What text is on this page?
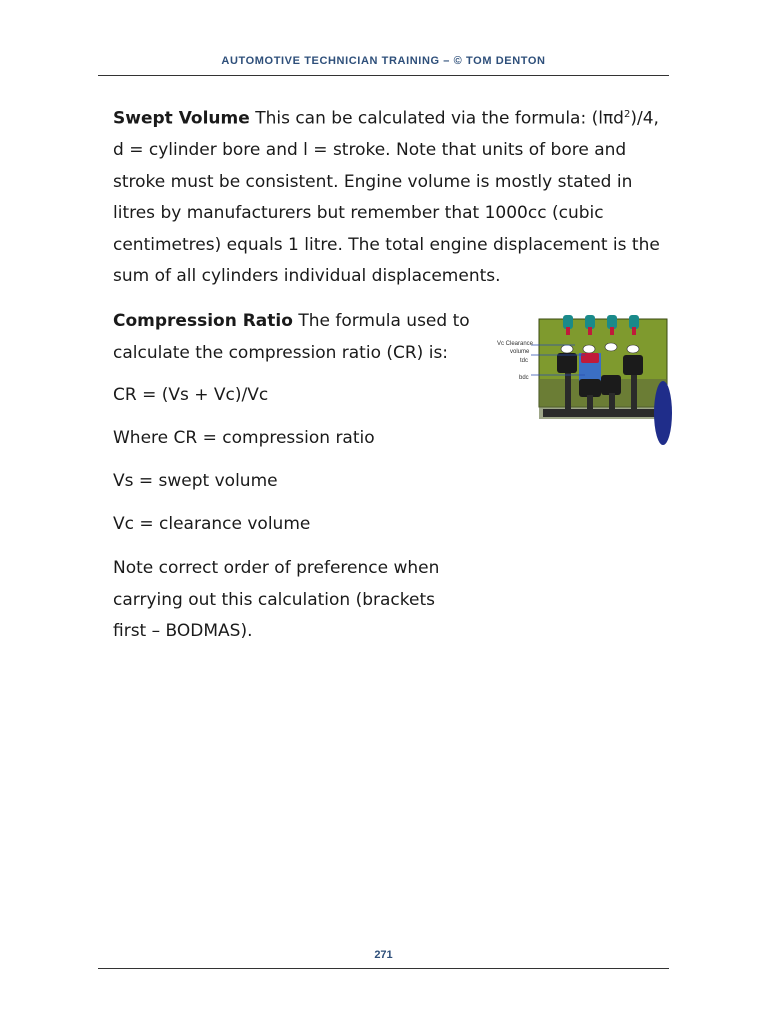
AUTOMOTIVE TECHNICIAN TRAINING – © TOM DENTON

Swept Volume This can be calculated via the formula: (lπd$^2$)/4, d = cylinder bore and l = stroke. Note that units of bore and stroke must be consistent. Engine volume is mostly stated in litres by manufacturers but remember that 1000cc (cubic centimetres) equals 1 litre. The total engine displacement is the sum of all cylinders individual displacements.

Compression Ratio The formula used to calculate the compression ratio (CR) is:

CR = (Vs + Vc)/Vc

Where CR = compression ratio

Vs = swept volume

Vc = clearance volume

Note correct order of preference when carrying out this calculation (brackets first – BODMAS).

Vc Clearance
volume
tdc
bdc
271
